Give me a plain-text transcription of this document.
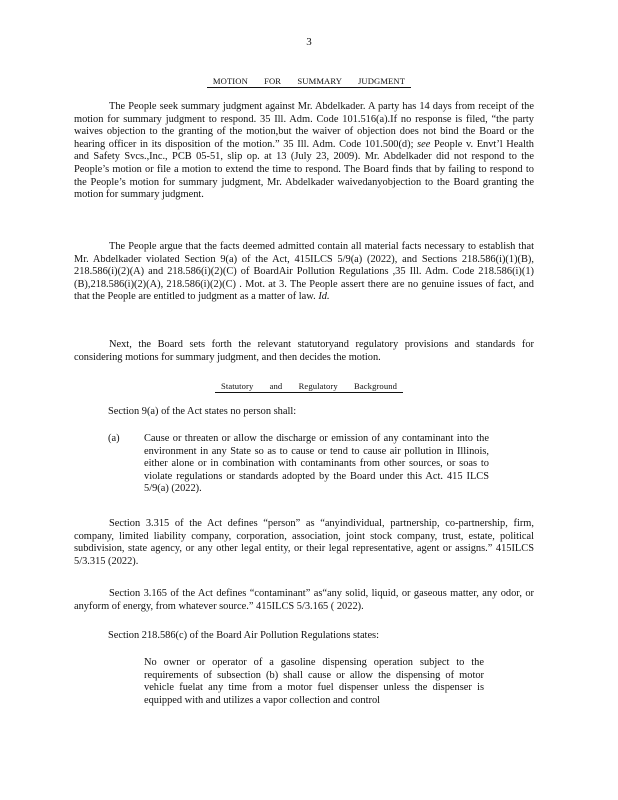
3
MOTION FOR SUMMARY JUDGMENT

The People seek summary judgment against Mr. Abdelkader. A party has 14 days from receipt of the motion for summary judgment to respond. 35 Ill. Adm. Code 101.516(a).If no response is filed, “the party waives objection to the granting of the motion,but the waiver of objection does not bind the Board or the hearing officer in its disposition of the motion.” 35 Ill. Adm. Code 101.500(d); see People v. Envt’l Health and Safety Svcs.,Inc., PCB 05-51, slip op. at 13 (July 23, 2009). Mr. Abdelkader did not respond to the People’s motion or file a motion to extend the time to respond. The Board finds that by failing to respond to the People’s motion for summary judgment, Mr. Abdelkader waivedanyobjection to the Board granting the motion for summary judgment.

The People argue that the facts deemed admitted contain all material facts necessary to establish that Mr. Abdelkader violated Section 9(a) of the Act, 415ILCS 5/9(a) (2022), and Sections 218.586(i)(1)(B), 218.586(i)(2)(A) and 218.586(i)(2)(C) of BoardAir Pollution Regulations ,35 Ill. Adm. Code 218.586(i)(1)(B),218.586(i)(2)(A), 218.586(i)(2)(C) . Mot. at 3. The People assert there are no genuine issues of fact, and that the People are entitled to judgment as a matter of law. Id.

Next, the Board sets forth the relevant statutoryand regulatory provisions and standards for considering motions for summary judgment, and then decides the motion.

Statutory and Regulatory Background

Section 9(a) of the Act states no person shall:

(a) Cause or threaten or allow the discharge or emission of any contaminant into the environment in any State so as to cause or tend to cause air pollution in Illinois, either alone or in combination with contaminants from other sources, or soas to violate regulations or standards adopted by the Board under this Act. 415 ILCS 5/9(a) (2022).

Section 3.315 of the Act defines “person” as “anyindividual, partnership, co-partnership, firm, company, limited liability company, corporation, association, joint stock company, trust, estate, political subdivision, state agency, or any other legal entity, or their legal representative, agent or assigns.” 415ILCS 5/3.315 (2022).

Section 3.165 of the Act defines “contaminant” as“any solid, liquid, or gaseous matter, any odor, or anyform of energy, from whatever source.” 415ILCS 5/3.165 ( 2022).

Section 218.586(c) of the Board Air Pollution Regulations states:

No owner or operator of a gasoline dispensing operation subject to the requirements of subsection (b) shall cause or allow the dispensing of motor vehicle fuelat any time from a motor fuel dispenser unless the dispenser is equipped with and utilizes a vapor collection and control
